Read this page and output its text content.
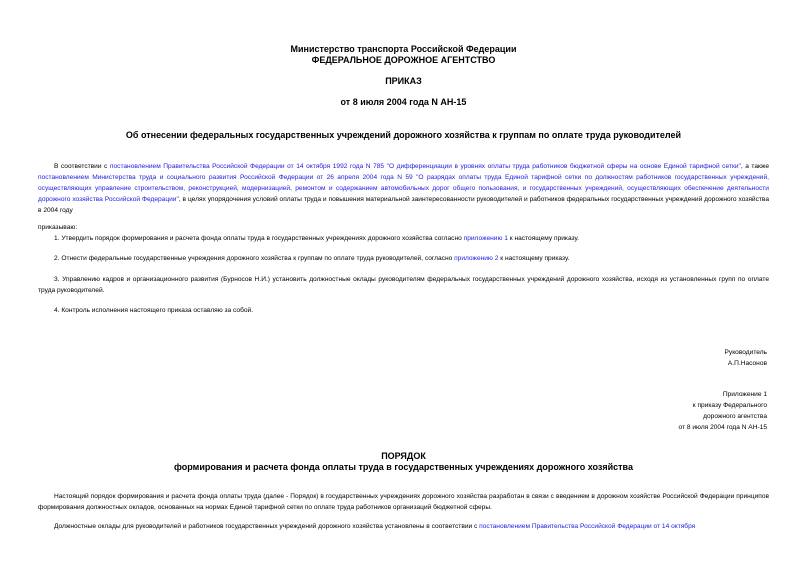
Министерство транспорта Российской Федерации
ФЕДЕРАЛЬНОЕ ДОРОЖНОЕ АГЕНТСТВО
ПРИКАЗ
от 8 июля 2004 года N АН-15
Об отнесении федеральных государственных учреждений дорожного хозяйства к группам по оплате труда руководителей
В соответствии с постановлением Правительства Российской Федерации от 14 октября 1992 года N 785 "О дифференциации в уровнях оплаты труда работников бюджетной сферы на основе Единой тарифной сетки", а также постановлением Министерства труда и социального развития Российской Федерации от 26 апреля 2004 года N 59 "О разрядах оплаты труда Единой тарифной сетки по должностям работников государственных учреждений, осуществляющих управление строительством, реконструкцией, модернизацией, ремонтом и содержанием автомобильных дорог общего пользования, и государственных учреждений, осуществляющих обеспечение деятельности дорожного хозяйства Российской Федерации", в целях упорядочения условий оплаты труда и повышения материальной заинтересованности руководителей и работников федеральных государственных учреждений дорожного хозяйства в 2004 году
приказываю:
1. Утвердить порядок формирования и расчета фонда оплаты труда в государственных учреждениях дорожного хозяйства согласно приложению 1 к настоящему приказу.
2. Отнести федеральные государственные учреждения дорожного хозяйства к группам по оплате труда руководителей, согласно приложению 2 к настоящему приказу.
3. Управлению кадров и организационного развития (Бурносов Н.И.) установить должностные оклады руководителям федеральных государственных учреждений дорожного хозяйства, исходя из установленных групп по оплате труда руководителей.
4. Контроль исполнения настоящего приказа оставляю за собой.
Руководитель
А.П.Насонов
Приложение 1
к приказу Федерального
дорожного агентства
от 8 июля 2004 года N АН-15
ПОРЯДОК
формирования и расчета фонда оплаты труда в государственных учреждениях дорожного хозяйства
Настоящий порядок формирования и расчета фонда оплаты труда (далее - Порядок) в государственных учреждениях дорожного хозяйства разработан в связи с введением в дорожном хозяйстве Российской Федерации принципов формирования должностных окладов, основанных на нормах Единой тарифной сетки по оплате труда работников организаций бюджетной сферы.
Должностные оклады для руководителей и работников государственных учреждений дорожного хозяйства установлены в соответствии с постановлением Правительства Российской Федерации от 14 октября
